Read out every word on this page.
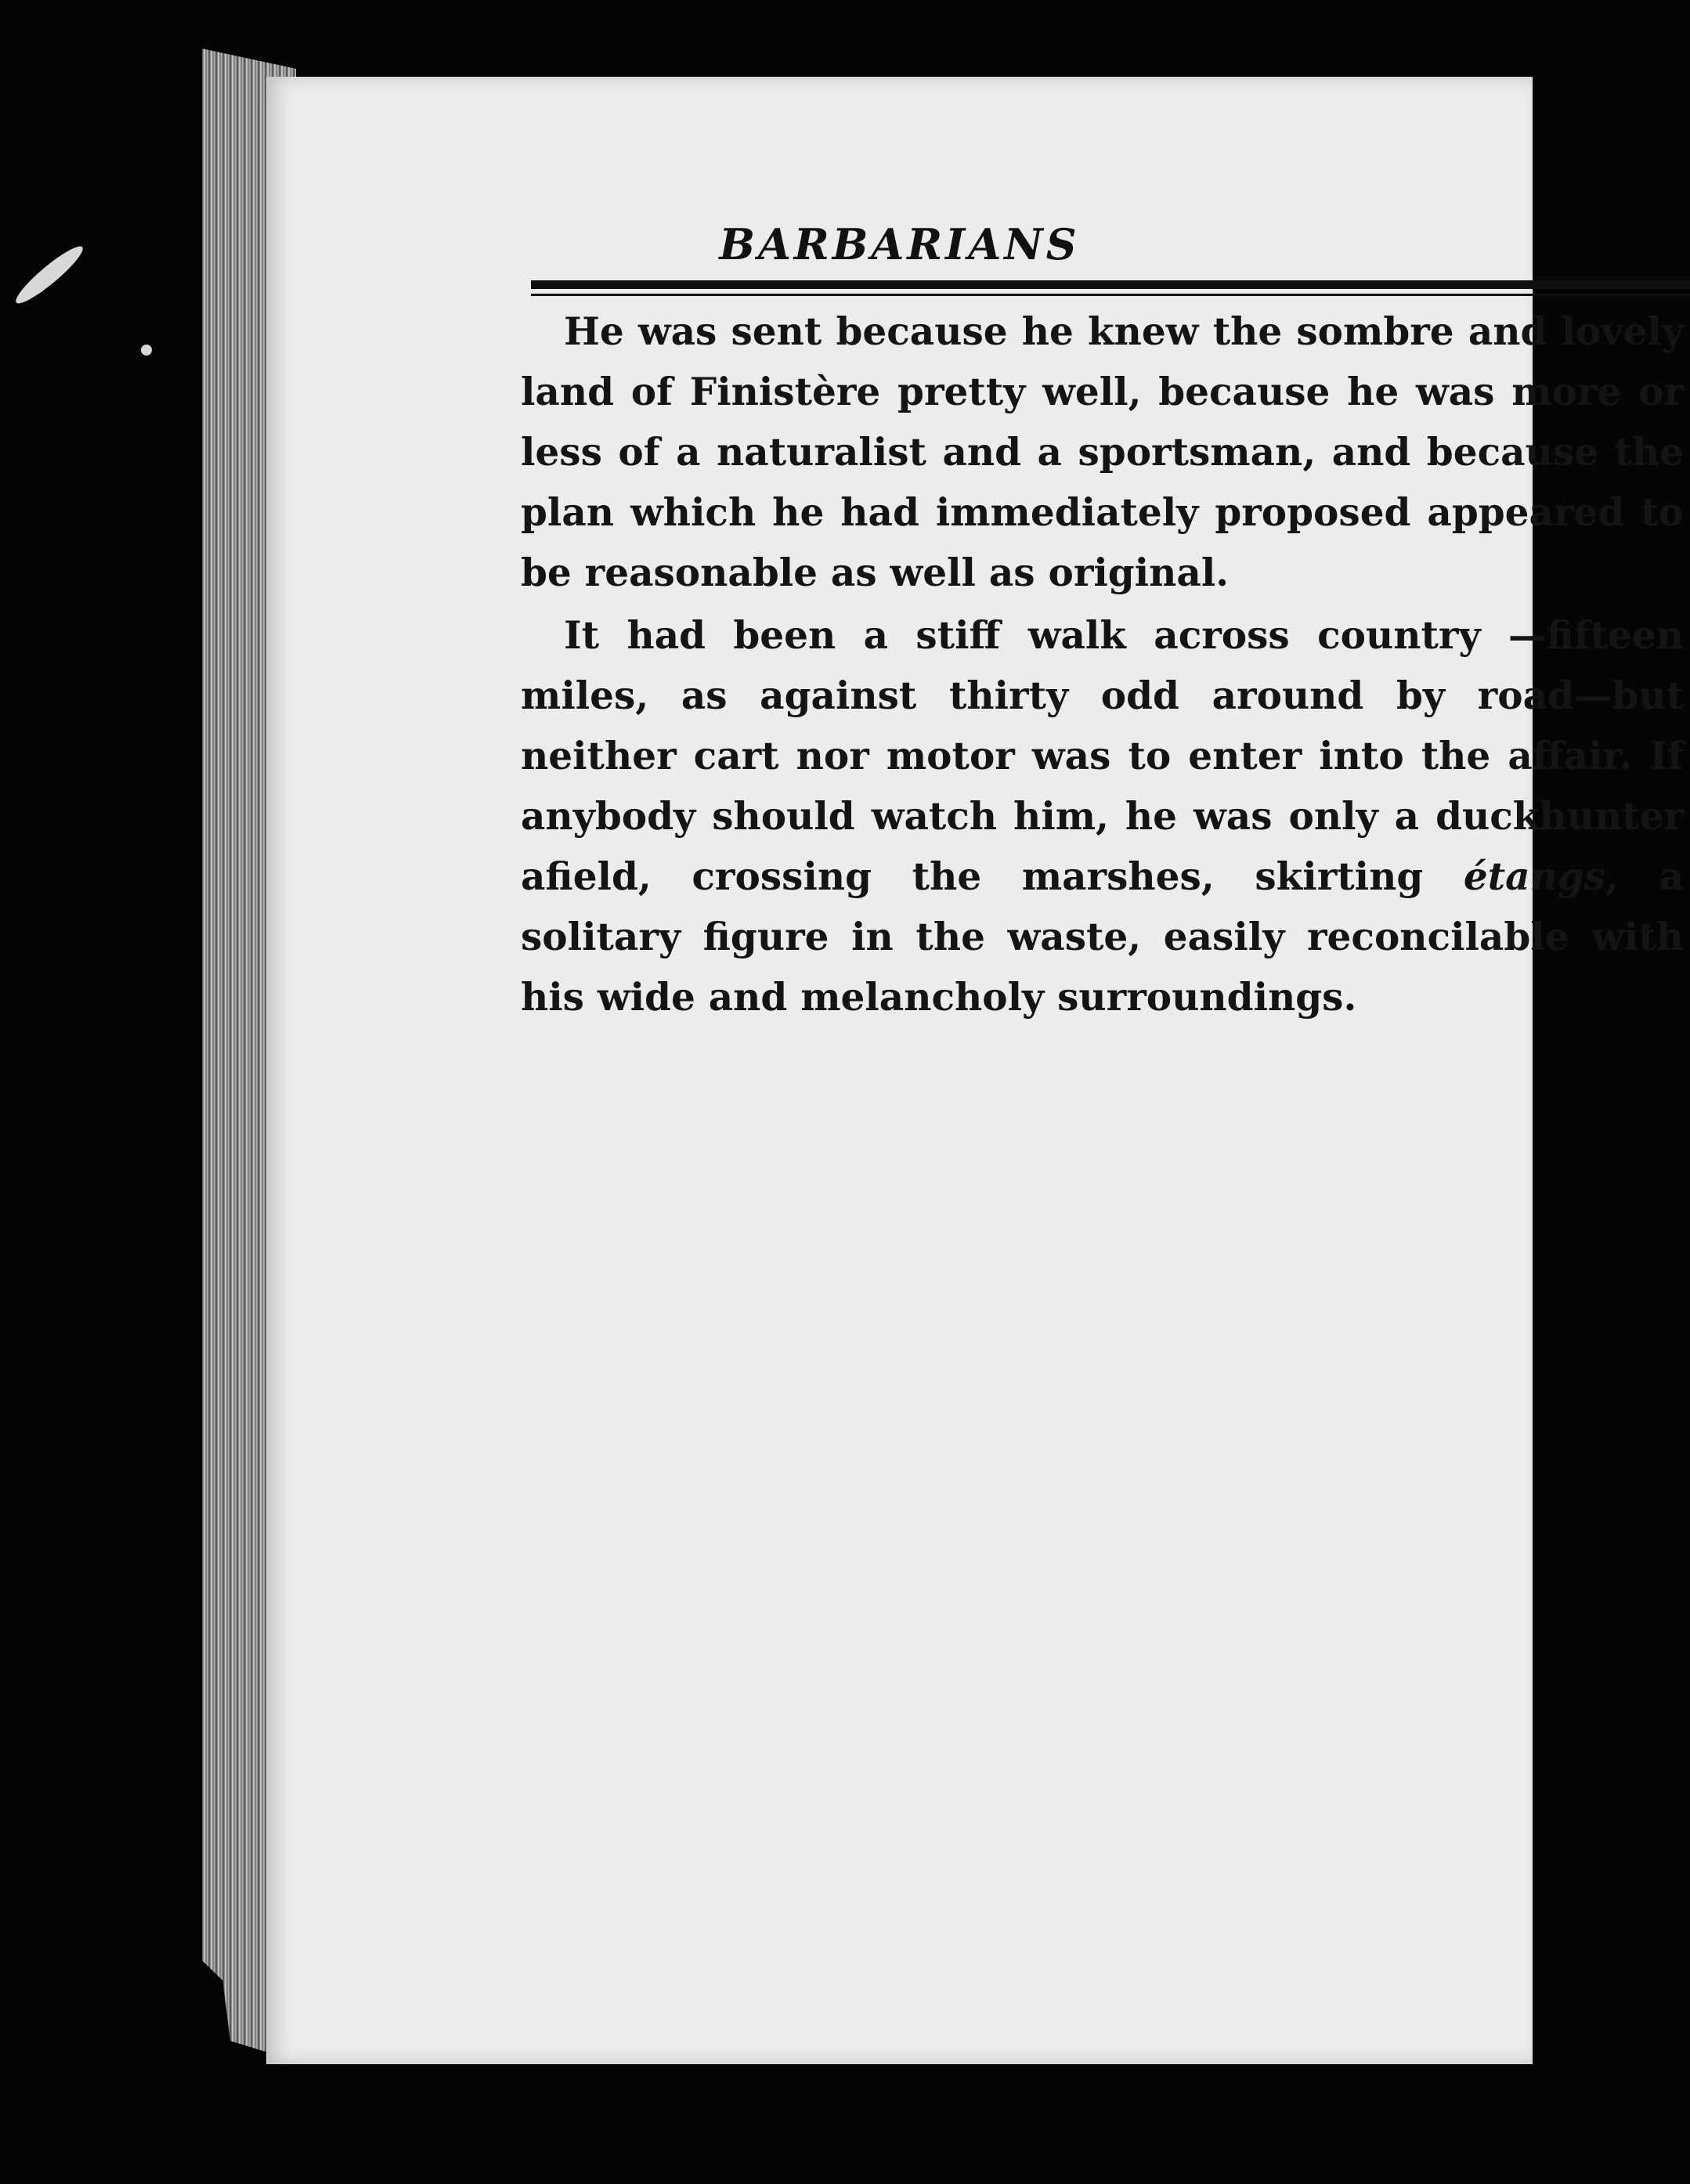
BARBARIANS

He was sent because he knew the sombre and lovely land of Finistère pretty well, because he was more or less of a naturalist and a sportsman, and because the plan which he had immediately proposed appeared to be reasonable as well as original.

It had been a stiff walk across country —fifteen miles, as against thirty odd around by road—but neither cart nor motor was to enter into the affair. If anybody should watch him, he was only a duckhunter afield, crossing the marshes, skirting étangs, a solitary figure in the waste, easily reconcilable with his wide and melancholy surroundings.
